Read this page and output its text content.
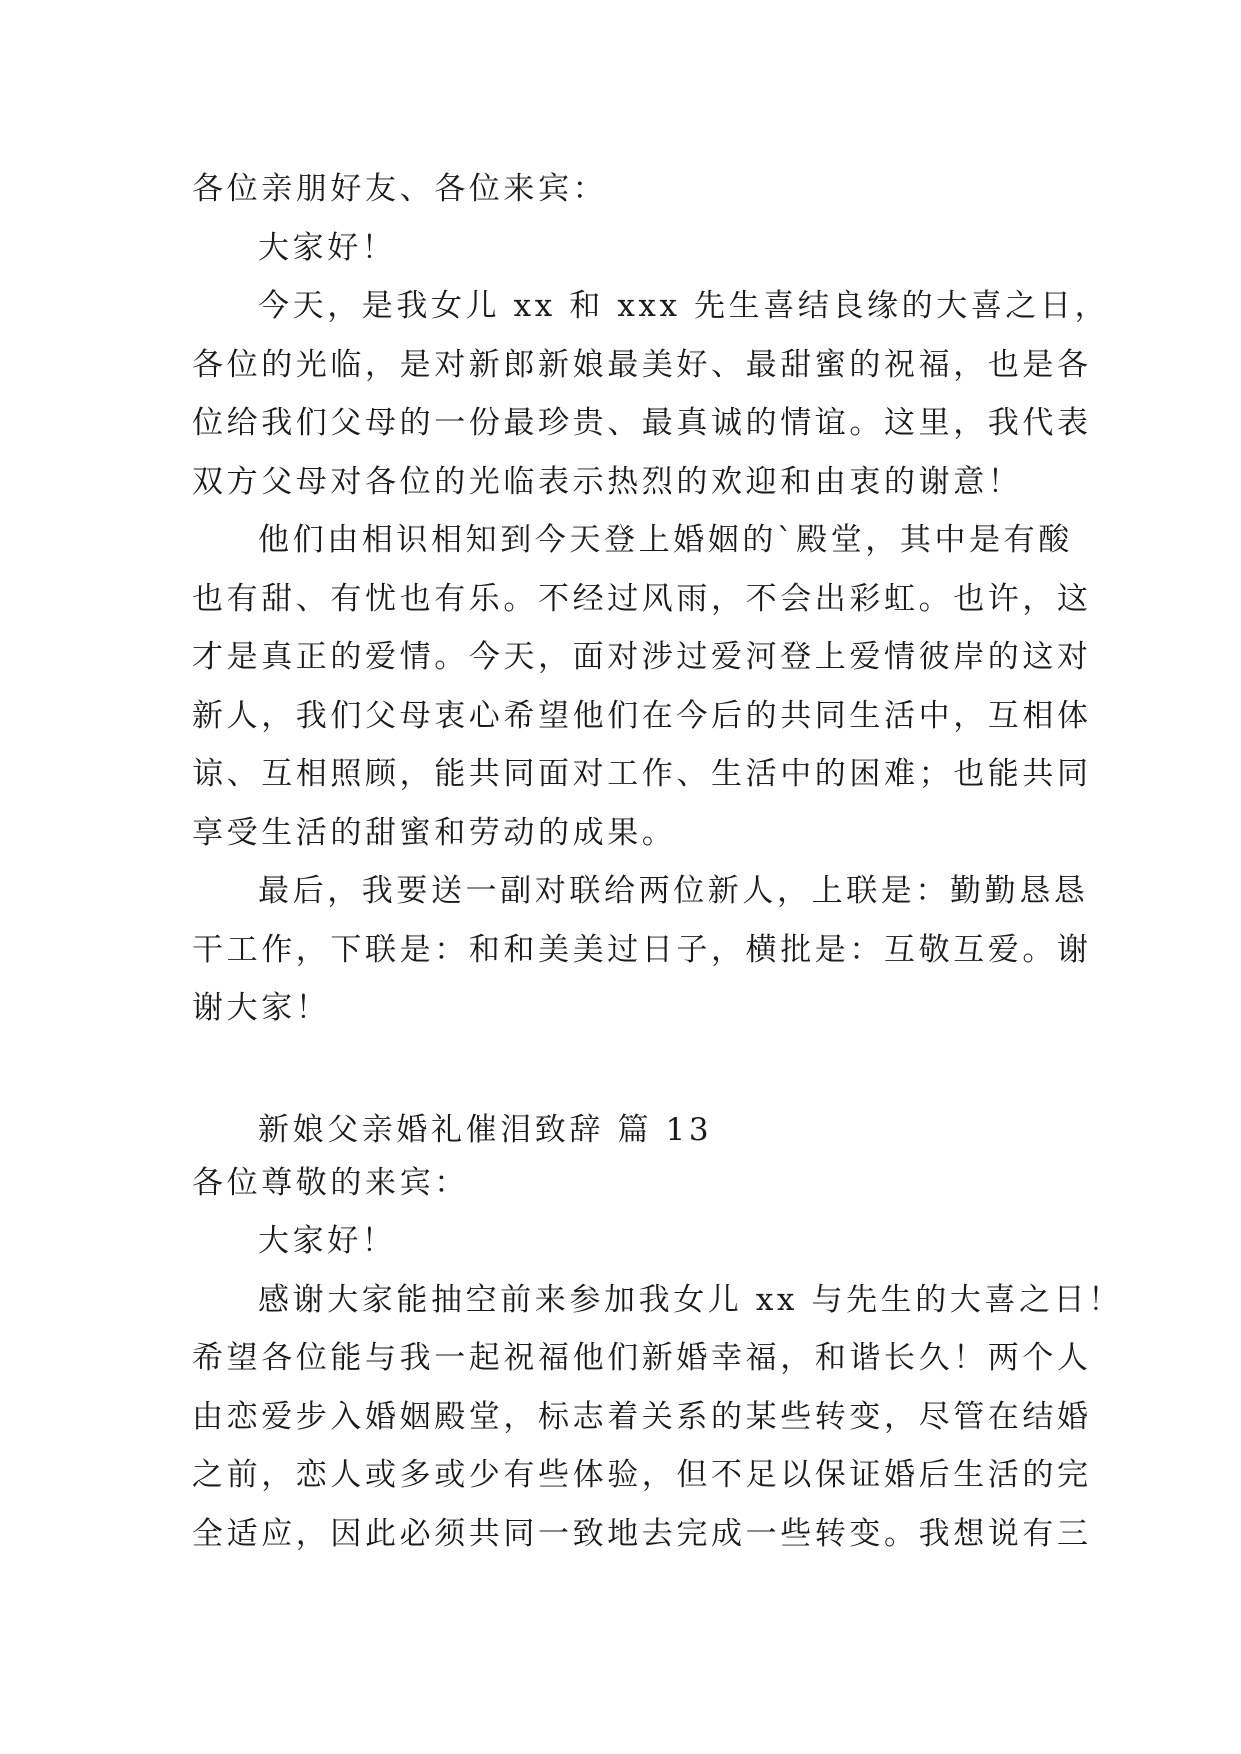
各位亲朋好友、各位来宾：
大家好！
今天，是我女儿 xx 和 xxx 先生喜结良缘的大喜之日，
各位的光临，是对新郎新娘最美好、最甜蜜的祝福，也是各
位给我们父母的一份最珍贵、最真诚的情谊。这里，我代表
双方父母对各位的光临表示热烈的欢迎和由衷的谢意！
他们由相识相知到今天登上婚姻的`殿堂，其中是有酸
也有甜、有忧也有乐。不经过风雨，不会出彩虹。也许，这
才是真正的爱情。今天，面对涉过爱河登上爱情彼岸的这对
新人，我们父母衷心希望他们在今后的共同生活中，互相体
谅、互相照顾，能共同面对工作、生活中的困难；也能共同
享受生活的甜蜜和劳动的成果。
最后，我要送一副对联给两位新人，上联是：勤勤恳恳
干工作，下联是：和和美美过日子，横批是：互敬互爱。谢
谢大家！
新娘父亲婚礼催泪致辞 篇 13
各位尊敬的来宾：
大家好！
感谢大家能抽空前来参加我女儿 xx 与先生的大喜之日！
希望各位能与我一起祝福他们新婚幸福，和谐长久！两个人
由恋爱步入婚姻殿堂，标志着关系的某些转变，尽管在结婚
之前，恋人或多或少有些体验，但不足以保证婚后生活的完
全适应，因此必须共同一致地去完成一些转变。我想说有三
